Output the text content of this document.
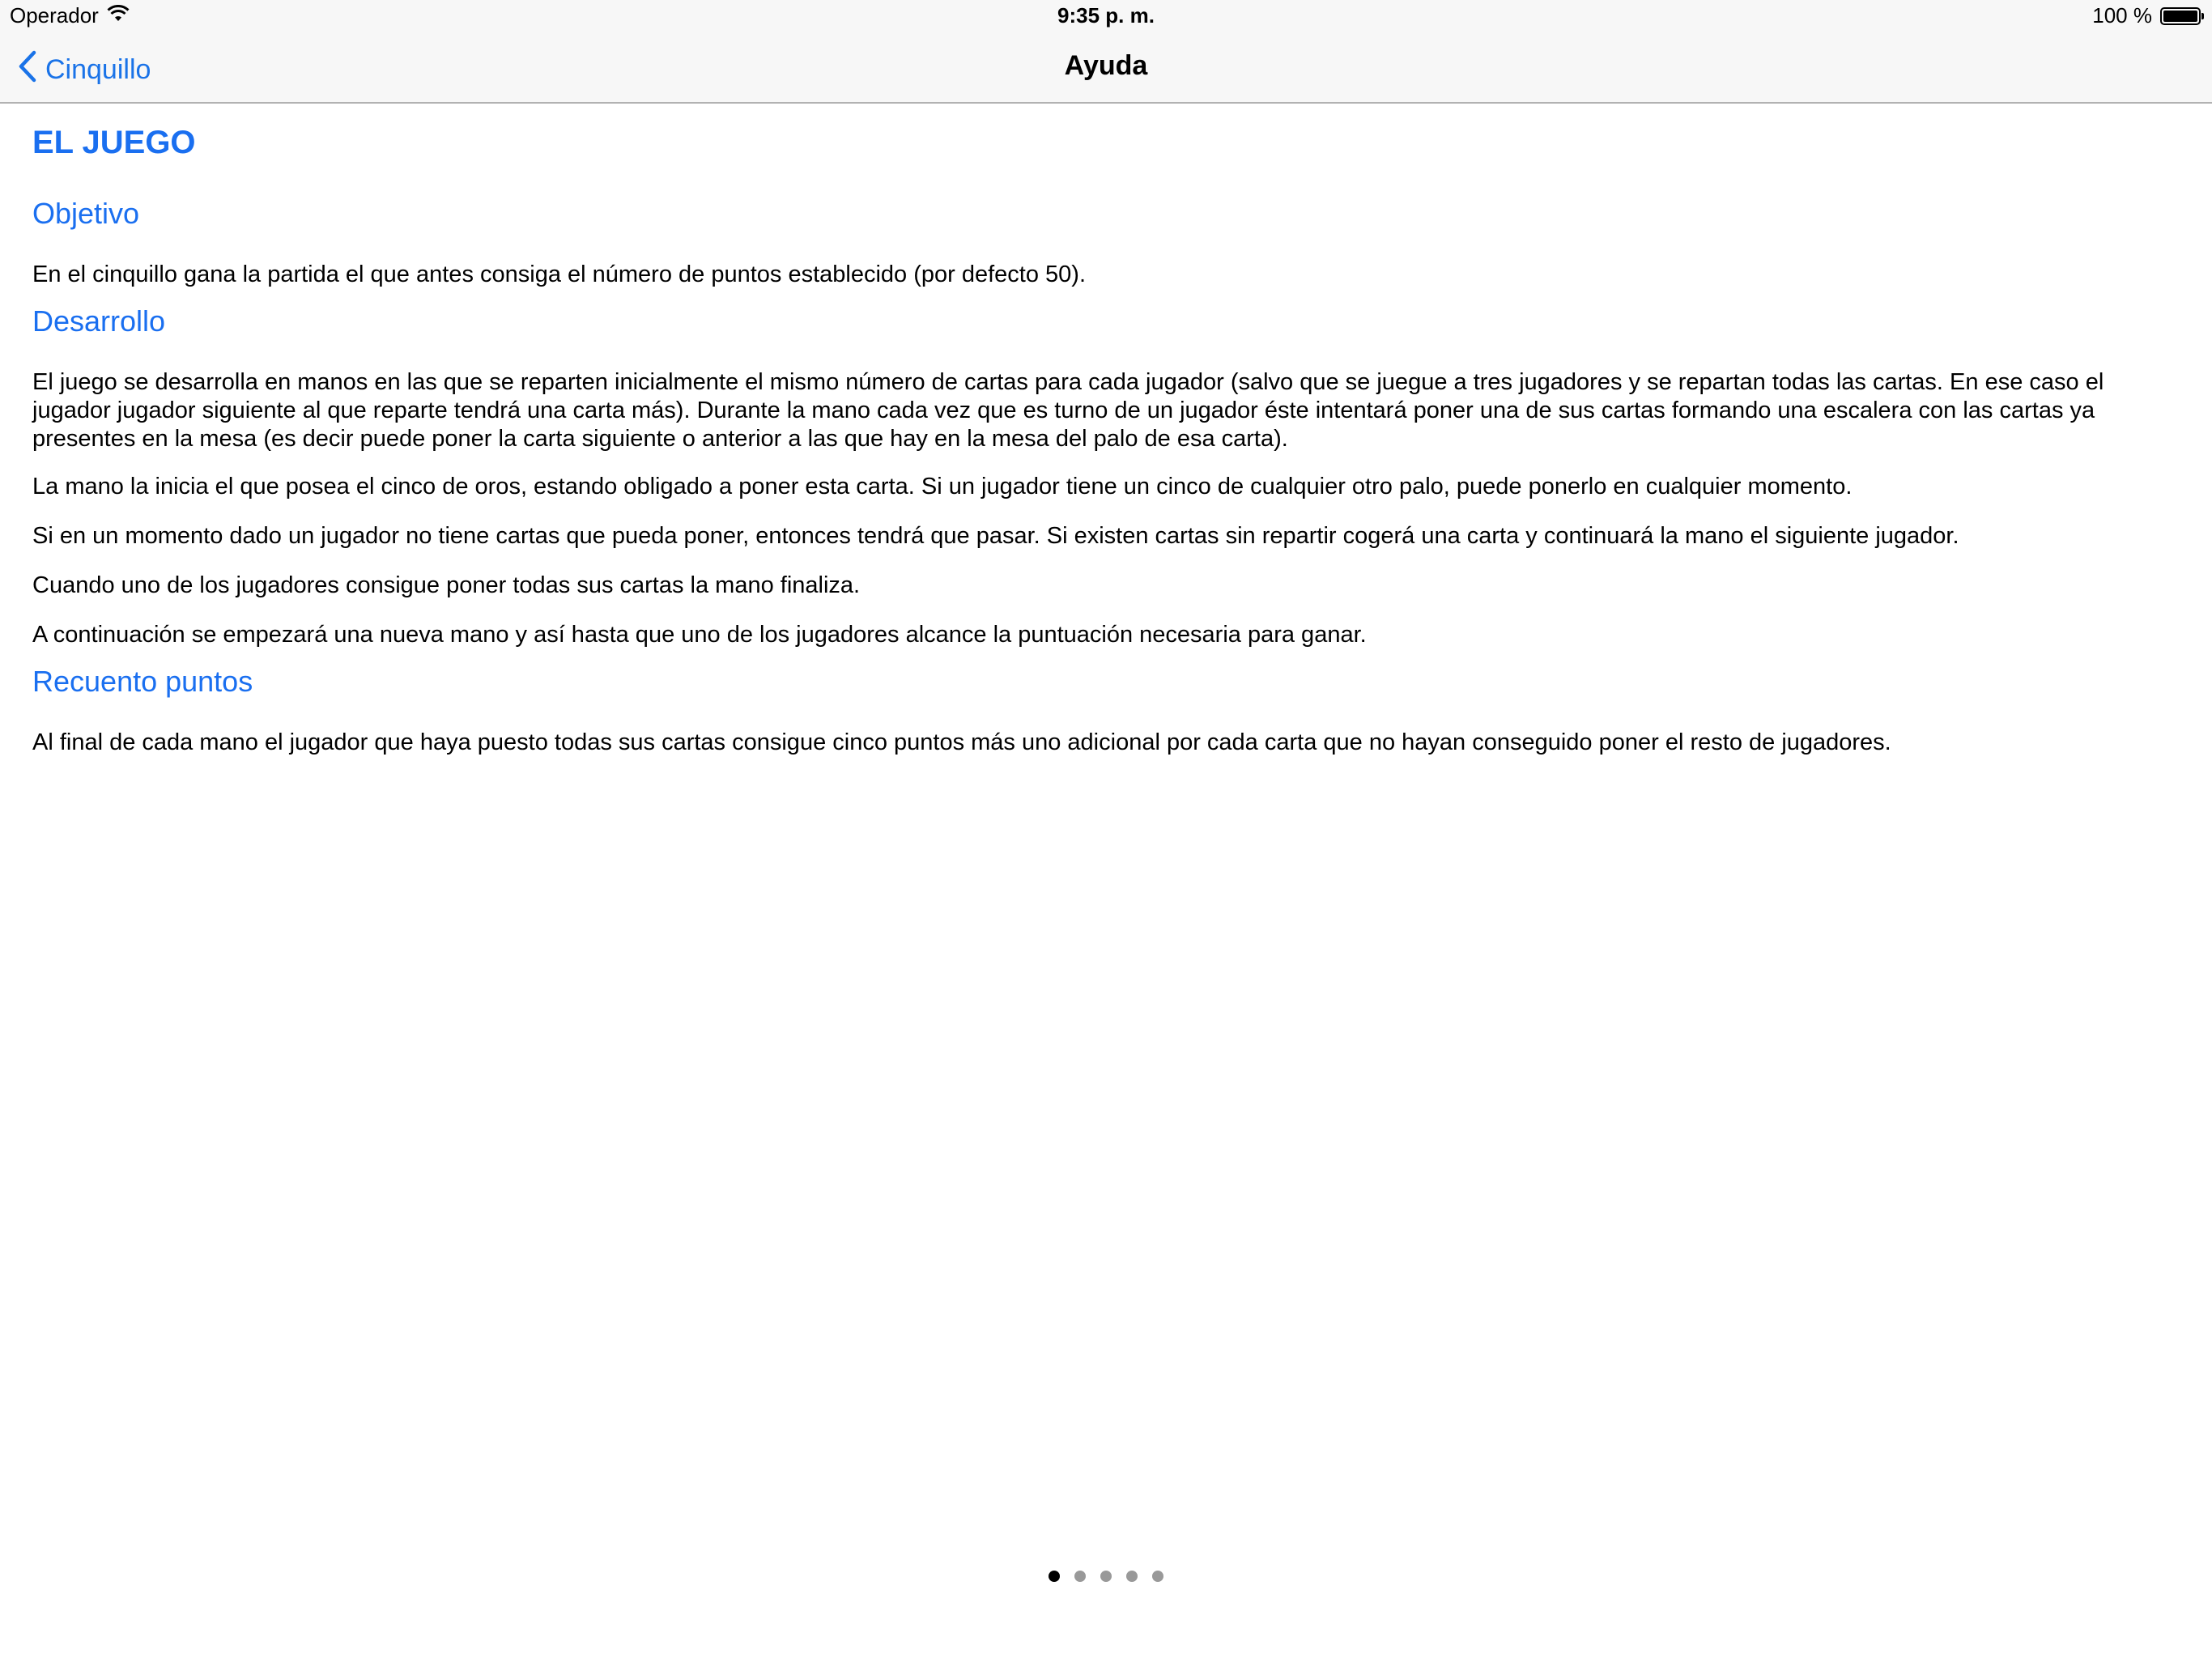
Operador	9:35 p. m.	100 %
Cinquillo	Ayuda
EL JUEGO
Objetivo

En el cinquillo gana la partida el que antes consiga el número de puntos establecido (por defecto 50).

Desarrollo

El juego se desarrolla en manos en las que se reparten inicialmente el mismo número de cartas para cada jugador (salvo que se juegue a tres jugadores y se repartan todas las cartas. En ese caso el jugador jugador siguiente al que reparte tendrá una carta más). Durante la mano cada vez que es turno de un jugador éste intentará poner una de sus cartas formando una escalera con las cartas ya presentes en la mesa (es decir puede poner la carta siguiente o anterior a las que hay en la mesa del palo de esa carta).

La mano la inicia el que posea el cinco de oros, estando obligado a poner esta carta. Si un jugador tiene un cinco de cualquier otro palo, puede ponerlo en cualquier momento.

Si en un momento dado un jugador no tiene cartas que pueda poner, entonces tendrá que pasar. Si existen cartas sin repartir cogerá una carta y continuará la mano el siguiente jugador.

Cuando uno de los jugadores consigue poner todas sus cartas la mano finaliza.

A continuación se empezará una nueva mano y así hasta que uno de los jugadores alcance la puntuación necesaria para ganar.

Recuento puntos

Al final de cada mano el jugador que haya puesto todas sus cartas consigue cinco puntos más uno adicional por cada carta que no hayan conseguido poner el resto de jugadores.
